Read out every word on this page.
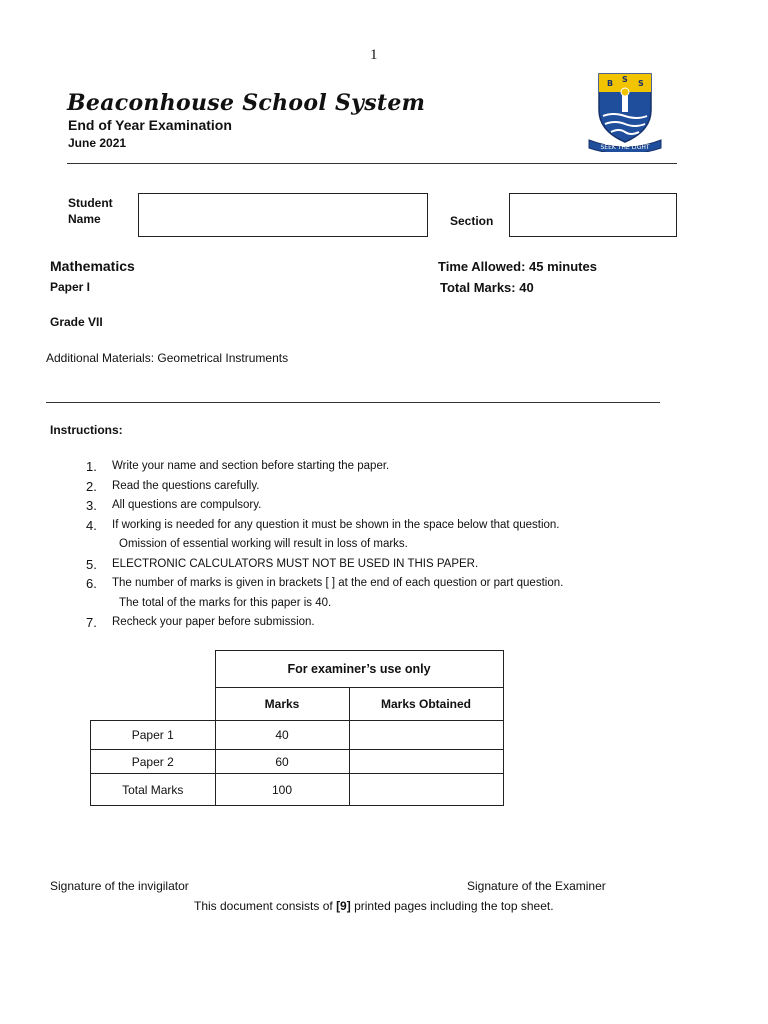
1
Beaconhouse School System
End of Year Examination
June 2021
B S S
SEEK THE LIGHT
Student Name	Section
Mathematics	Time Allowed: 45 minutes
Paper I	Total Marks: 40
Grade VII
Additional Materials: Geometrical Instruments
Instructions:
1. Write your name and section before starting the paper.
2. Read the questions carefully.
3. All questions are compulsory.
4. If working is needed for any question it must be shown in the space below that question.
Omission of essential working will result in loss of marks.
5. ELECTRONIC CALCULATORS MUST NOT BE USED IN THIS PAPER.
6. The number of marks is given in brackets [ ] at the end of each question or part question.
The total of the marks for this paper is 40.
7. Recheck your paper before submission.
	For examiner’s use only	
	Marks	Marks Obtained
Paper 1	40	
Paper 2	60	
Total Marks	100	
Signature of the invigilator	Signature of the Examiner
This document consists of [9] printed pages including the top sheet.
